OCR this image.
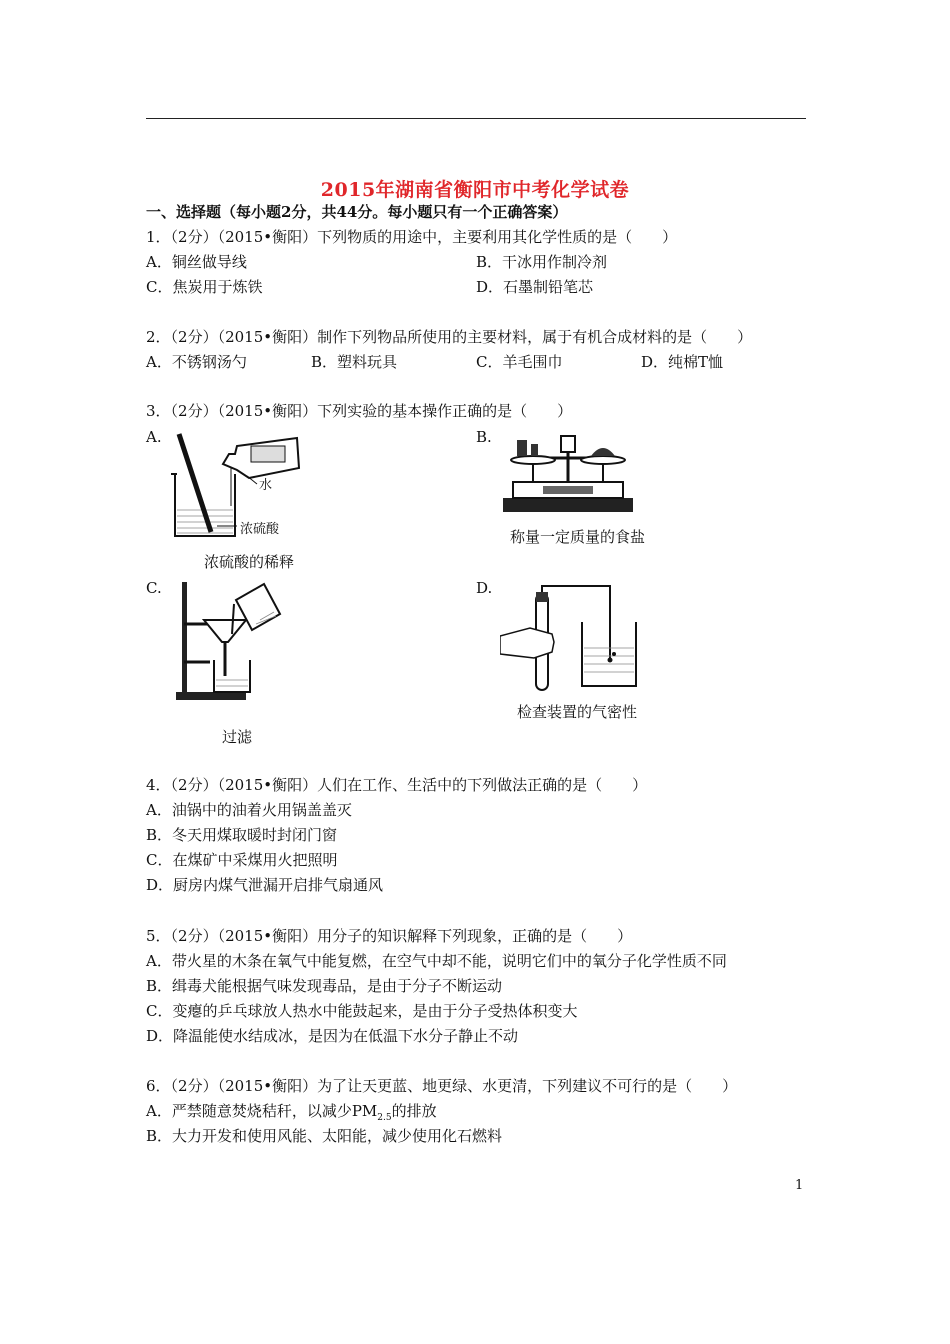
2015年湖南省衡阳市中考化学试卷
一、选择题（每小题2分，共44分。每小题只有一个正确答案）
1．（2分）（2015•衡阳）下列物质的用途中，主要利用其化学性质的是（　　）
A．铜丝做导线	B．干冰用作制冷剂
C．焦炭用于炼铁	D．石墨制铅笔芯
2．（2分）（2015•衡阳）制作下列物品所使用的主要材料，属于有机合成材料的是（　　）
A．不锈钢汤勺	B．塑料玩具	C．羊毛围巾	D．纯棉T恤
3．（2分）（2015•衡阳）下列实验的基本操作正确的是（　　）
A.	B.
水
浓硫酸
浓硫酸的稀释
称量一定质量的食盐
C.	D.
过滤
检查装置的气密性
4．（2分）（2015•衡阳）人们在工作、生活中的下列做法正确的是（　　）
A．油锅中的油着火用锅盖盖灭
B．冬天用煤取暖时封闭门窗
C．在煤矿中采煤用火把照明
D．厨房内煤气泄漏开启排气扇通风
5．（2分）（2015•衡阳）用分子的知识解释下列现象，正确的是（　　）
A．带火星的木条在氧气中能复燃，在空气中却不能，说明它们中的氧分子化学性质不同
B．缉毒犬能根据气味发现毒品，是由于分子不断运动
C．变瘪的乒乓球放人热水中能鼓起来，是由于分子受热体积变大
D．降温能使水结成冰，是因为在低温下水分子静止不动
6．（2分）（2015•衡阳）为了让天更蓝、地更绿、水更清，下列建议不可行的是（　　）
A．严禁随意焚烧秸秆，以减少$PM_{2.5}$的排放
B．大力开发和使用风能、太阳能，减少使用化石燃料
1
